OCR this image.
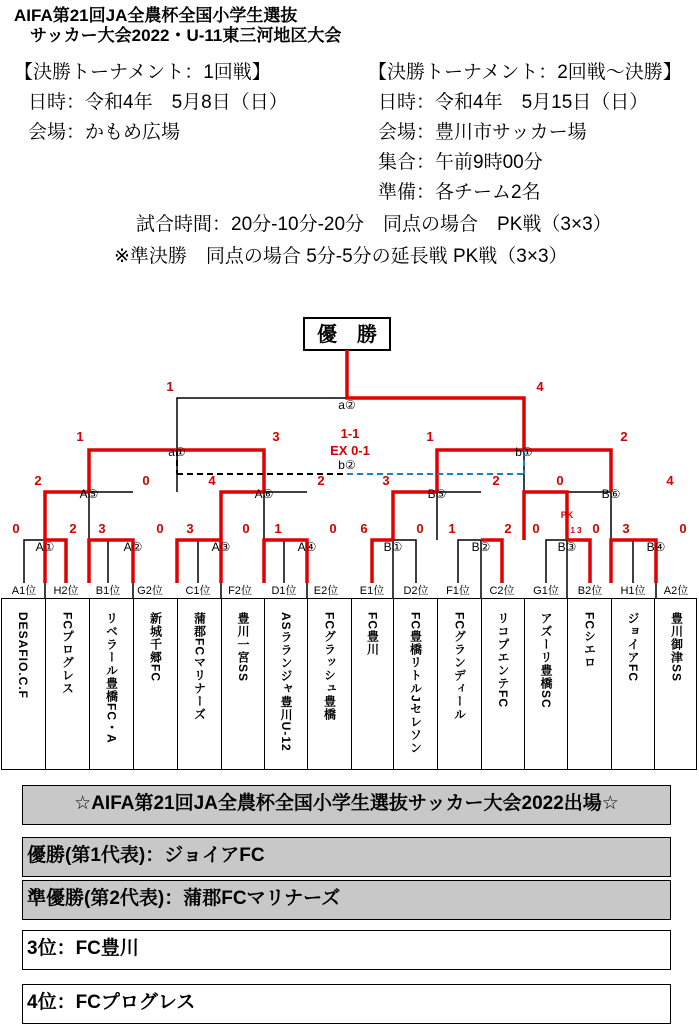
AIFA第21回JA全農杯全国小学生選抜
サッカー大会2022・U-11東三河地区大会
【決勝トーナメント：1回戦】
日時：令和4年　5月8日（日）
会場：かもめ広場
【決勝トーナメント：2回戦～決勝】
日時：令和4年　5月15日（日）
会場：豊川市サッカー場
集合：午前9時00分
準備：各チーム2名
試合時間：20分-10分-20分　同点の場合　PK戦（3×3）
※準決勝　同点の場合 5分-5分の延長戦 PK戦（3×3）
優　勝
a②
a①	b①
b②
A⑤	A⑥	B⑤	B⑥
A①	A②	A③	A④	B①	B②	B③	B④
1	4
1	3	1	2
1-1
EX 0-1
2	0	4	2	3	2	0	4
0	2 3	0 3	0 1	0 6	0 1	2 0	0 3	0
PK
1 3
A1位 H2位 B1位 G2位 C1位 F2位 D1位 E2位 E1位 D2位 F1位 C2位 G1位 B2位 H1位 A2位
DESAFIO.C.F	FCプログレス	リベラール豊橋FC・A	新城千郷FC	蒲郡FCマリナーズ 豊川一宮SS ASラランジャ豊川U-12 FCグラッシュ豊橋 FC豊川 FC豊橋リトルJセレソン	FCグランディール リコプエンテFC アズーリ豊橋SC FCシエロ ジョイアFC 豊川御津SS
☆AIFA第21回JA全農杯全国小学生選抜サッカー大会2022出場☆
優勝(第1代表)：ジョイアFC
準優勝(第2代表)：蒲郡FCマリナーズ
3位：FC豊川
4位：FCプログレス
